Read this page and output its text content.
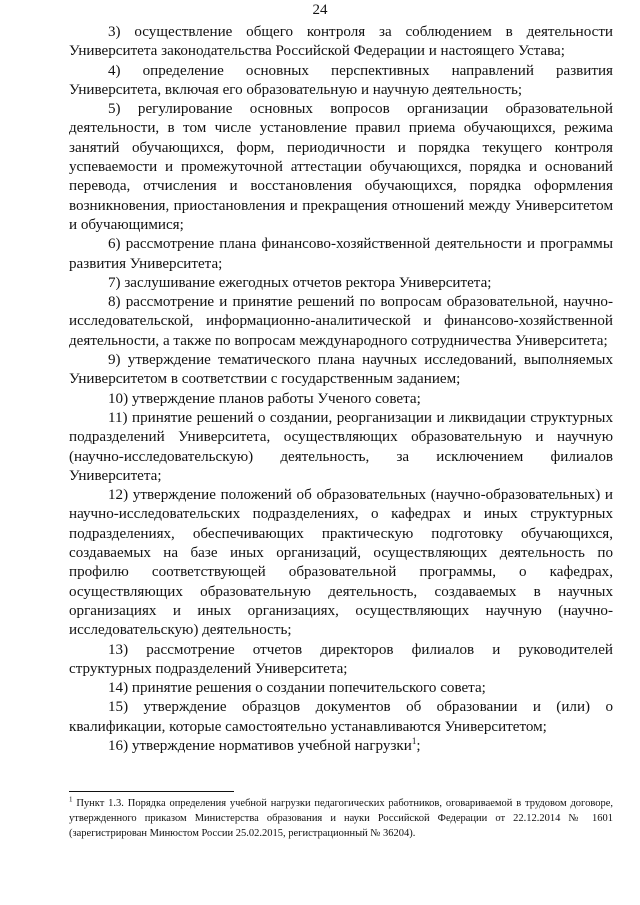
24

3) осуществление общего контроля за соблюдением в деятельности Университета законодательства Российской Федерации и настоящего Устава;

4) определение основных перспективных направлений развития Университета, включая его образовательную и научную деятельность;

5) регулирование основных вопросов организации образовательной деятельности, в том числе установление правил приема обучающихся, режима занятий обучающихся, форм, периодичности и порядка текущего контроля успеваемости и промежуточной аттестации обучающихся, порядка и оснований перевода, отчисления и восстановления обучающихся, порядка оформления возникновения, приостановления и прекращения отношений между Университетом и обучающимися;

6) рассмотрение плана финансово-хозяйственной деятельности и программы развития Университета;

7) заслушивание ежегодных отчетов ректора Университета;

8) рассмотрение и принятие решений по вопросам образовательной, научно-исследовательской, информационно-аналитической и финансово-хозяйственной деятельности, а также по вопросам международного сотрудничества Университета;

9) утверждение тематического плана научных исследований, выполняемых Университетом в соответствии с государственным заданием;

10) утверждение планов работы Ученого совета;

11) принятие решений о создании, реорганизации и ликвидации структурных подразделений Университета, осуществляющих образовательную и научную (научно-исследовательскую) деятельность, за исключением филиалов Университета;

12) утверждение положений об образовательных (научно-образовательных) и научно-исследовательских подразделениях, о кафедрах и иных структурных подразделениях, обеспечивающих практическую подготовку обучающихся, создаваемых на базе иных организаций, осуществляющих деятельность по профилю соответствующей образовательной программы, о кафедрах, осуществляющих образовательную деятельность, создаваемых в научных организациях и иных организациях, осуществляющих научную (научно-исследовательскую) деятельность;

13) рассмотрение отчетов директоров филиалов и руководителей структурных подразделений Университета;

14) принятие решения о создании попечительского совета;

15) утверждение образцов документов об образовании и (или) о квалификации, которые самостоятельно устанавливаются Университетом;

16) утверждение нормативов учебной нагрузки$^1$;

$^1$ Пункт 1.3. Порядка определения учебной нагрузки педагогических работников, оговариваемой в трудовом договоре, утвержденного приказом Министерства образования и науки Российской Федерации от 22.12.2014 № 1601 (зарегистрирован Минюстом России 25.02.2015, регистрационный № 36204).
